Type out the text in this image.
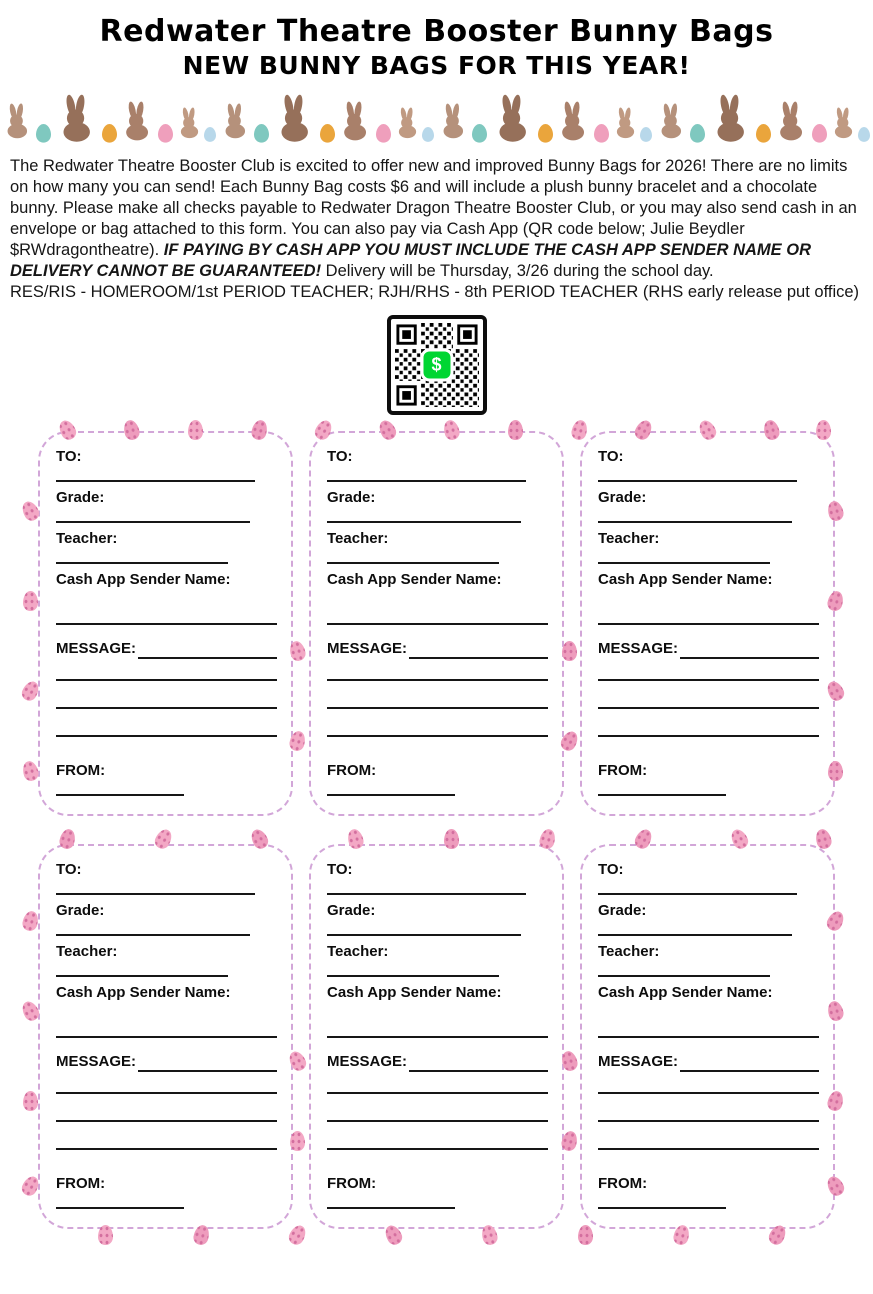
Redwater Theatre Booster Bunny Bags
NEW BUNNY BAGS FOR THIS YEAR!

The Redwater Theatre Booster Club is excited to offer new and improved Bunny Bags for 2026! There are no limits on how many you can send! Each Bunny Bag costs $6 and will include a plush bunny bracelet and a chocolate bunny. Please make all checks payable to Redwater Dragon Theatre Booster Club, or you may also send cash in an envelope or bag attached to this form. You can also pay via Cash App (QR code below; Julie Beydler $RWdragontheatre). IF PAYING BY CASH APP YOU MUST INCLUDE THE CASH APP SENDER NAME OR DELIVERY CANNOT BE GUARANTEED! Delivery will be Thursday, 3/26 during the school day.
RES/RIS - HOMEROOM/1st PERIOD TEACHER; RJH/RHS - 8th PERIOD TEACHER (RHS early release put office)

$
TO:
Grade:
Teacher:
Cash App Sender Name:
MESSAGE:
FROM:
TO:
Grade:
Teacher:
Cash App Sender Name:
MESSAGE:
FROM:
TO:
Grade:
Teacher:
Cash App Sender Name:
MESSAGE:
FROM:
TO:
Grade:
Teacher:
Cash App Sender Name:
MESSAGE:
FROM:
TO:
Grade:
Teacher:
Cash App Sender Name:
MESSAGE:
FROM:
TO:
Grade:
Teacher:
Cash App Sender Name:
MESSAGE:
FROM:
